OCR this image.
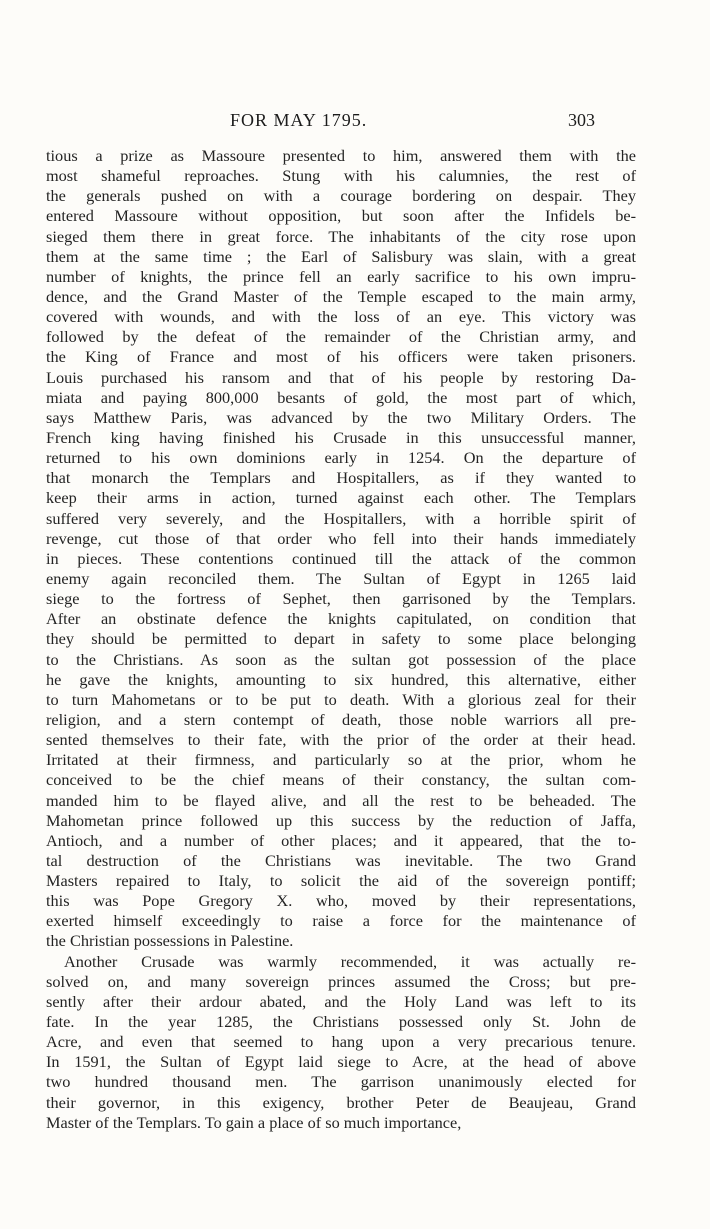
FOR MAY 1795.	303
tious a prize as Massoure presented to him, answered them with the
most shameful reproaches. Stung with his calumnies, the rest of
the generals pushed on with a courage bordering on despair. They
entered Massoure without opposition, but soon after the Infidels be-
sieged them there in great force. The inhabitants of the city rose upon
them at the same time ; the Earl of Salisbury was slain, with a great
number of knights, the prince fell an early sacrifice to his own impru-
dence, and the Grand Master of the Temple escaped to the main army,
covered with wounds, and with the loss of an eye. This victory was
followed by the defeat of the remainder of the Christian army, and
the King of France and most of his officers were taken prisoners.
Louis purchased his ransom and that of his people by restoring Da-
miata and paying 800,000 besants of gold, the most part of which,
says Matthew Paris, was advanced by the two Military Orders. The
French king having finished his Crusade in this unsuccessful manner,
returned to his own dominions early in 1254. On the departure of
that monarch the Templars and Hospitallers, as if they wanted to
keep their arms in action, turned against each other. The Templars
suffered very severely, and the Hospitallers, with a horrible spirit of
revenge, cut those of that order who fell into their hands immediately
in pieces. These contentions continued till the attack of the common
enemy again reconciled them. The Sultan of Egypt in 1265 laid
siege to the fortress of Sephet, then garrisoned by the Templars.
After an obstinate defence the knights capitulated, on condition that
they should be permitted to depart in safety to some place belonging
to the Christians. As soon as the sultan got possession of the place
he gave the knights, amounting to six hundred, this alternative, either
to turn Mahometans or to be put to death. With a glorious zeal for their
religion, and a stern contempt of death, those noble warriors all pre-
sented themselves to their fate, with the prior of the order at their head.
Irritated at their firmness, and particularly so at the prior, whom he
conceived to be the chief means of their constancy, the sultan com-
manded him to be flayed alive, and all the rest to be beheaded. The
Mahometan prince followed up this success by the reduction of Jaffa,
Antioch, and a number of other places; and it appeared, that the to-
tal destruction of the Christians was inevitable. The two Grand
Masters repaired to Italy, to solicit the aid of the sovereign pontiff;
this was Pope Gregory X. who, moved by their representations,
exerted himself exceedingly to raise a force for the maintenance of
the Christian possessions in Palestine.
Another Crusade was warmly recommended, it was actually re-
solved on, and many sovereign princes assumed the Cross; but pre-
sently after their ardour abated, and the Holy Land was left to its
fate. In the year 1285, the Christians possessed only St. John de
Acre, and even that seemed to hang upon a very precarious tenure.
In 1591, the Sultan of Egypt laid siege to Acre, at the head of above
two hundred thousand men. The garrison unanimously elected for
their governor, in this exigency, brother Peter de Beaujeau, Grand
Master of the Templars. To gain a place of so much importance,
